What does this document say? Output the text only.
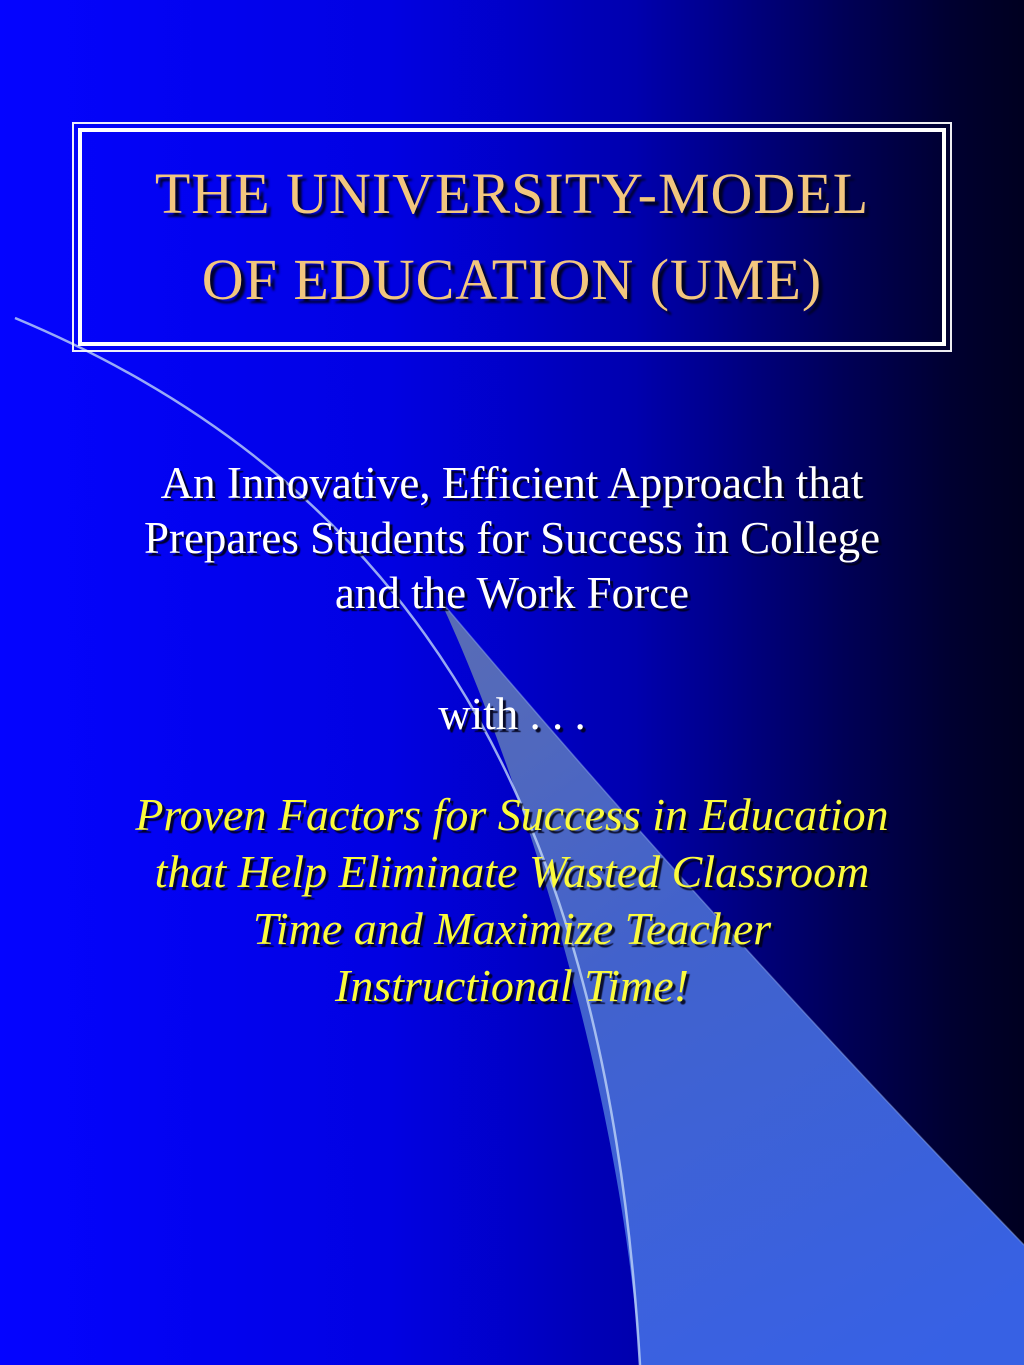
THE UNIVERSITY-MODEL
OF EDUCATION (UME)
An Innovative, Efficient Approach that
Prepares Students for Success in College
and the Work Force
with . . .
Proven Factors for Success in Education
that Help Eliminate Wasted Classroom
Time and Maximize Teacher
Instructional Time!
